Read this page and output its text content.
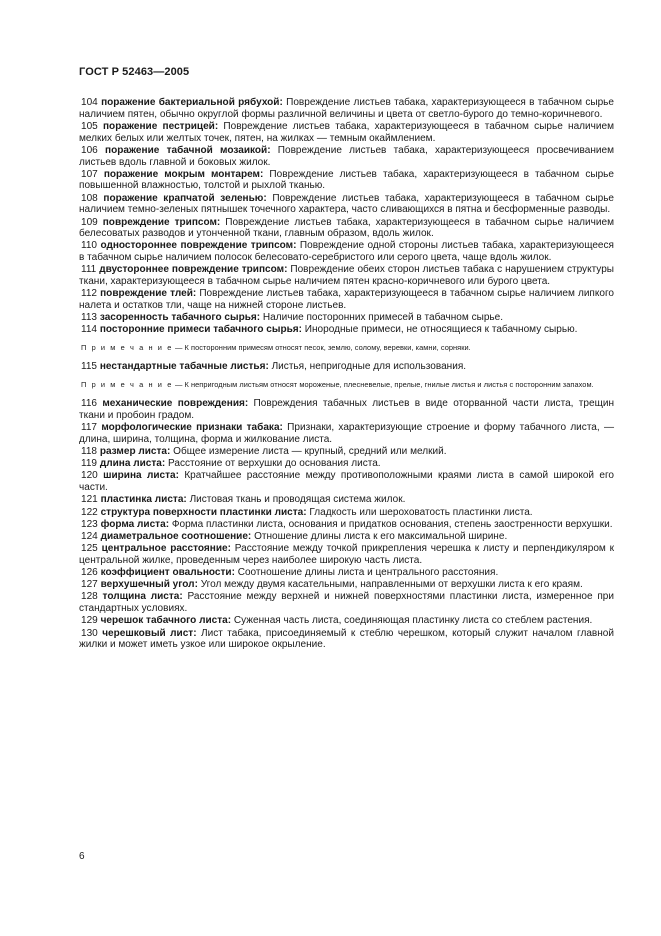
ГОСТ Р 52463—2005
104 поражение бактериальной рябухой: Повреждение листьев табака, характеризующееся в табачном сырье наличием пятен, обычно округлой формы различной величины и цвета от светло-бурого до темно-коричневого.
105 поражение пестрицей: Повреждение листьев табака, характеризующееся в табачном сырье наличием мелких белых или желтых точек, пятен, на жилках — темным окаймлением.
106 поражение табачной мозаикой: Повреждение листьев табака, характеризующееся просвечиванием листьев вдоль главной и боковых жилок.
107 поражение мокрым монтарем: Повреждение листьев табака, характеризующееся в табачном сырье повышенной влажностью, толстой и рыхлой тканью.
108 поражение крапчатой зеленью: Повреждение листьев табака, характеризующееся в табачном сырье наличием темно-зеленых пятнышек точечного характера, часто сливающихся в пятна и бесформенные разводы.
109 повреждение трипсом: Повреждение листьев табака, характеризующееся в табачном сырье наличием белесоватых разводов и утонченной ткани, главным образом, вдоль жилок.
110 одностороннее повреждение трипсом: Повреждение одной стороны листьев табака, характеризующееся в табачном сырье наличием полосок белесовато-серебристого или серого цвета, чаще вдоль жилок.
111 двустороннее повреждение трипсом: Повреждение обеих сторон листьев табака с нарушением структуры ткани, характеризующееся в табачном сырье наличием пятен красно-коричневого или бурого цвета.
112 повреждение тлей: Повреждение листьев табака, характеризующееся в табачном сырье наличием липкого налета и остатков тли, чаще на нижней стороне листьев.
113 засоренность табачного сырья: Наличие посторонних примесей в табачном сырье.
114 посторонние примеси табачного сырья: Инородные примеси, не относящиеся к табачному сырью.
П р и м е ч а н и е — К посторонним примесям относят песок, землю, солому, веревки, камни, сорняки.
115 нестандартные табачные листья: Листья, непригодные для использования.
П р и м е ч а н и е — К непригодным листьям относят мороженые, плесневелые, прелые, гнилые листья и листья с посторонним запахом.
116 механические повреждения: Повреждения табачных листьев в виде оторванной части листа, трещин ткани и пробоин градом.
117 морфологические признаки табака: Признаки, характеризующие строение и форму табачного листа, — длина, ширина, толщина, форма и жилкование листа.
118 размер листа: Общее измерение листа — крупный, средний или мелкий.
119 длина листа: Расстояние от верхушки до основания листа.
120 ширина листа: Кратчайшее расстояние между противоположными краями листа в самой широкой его части.
121 пластинка листа: Листовая ткань и проводящая система жилок.
122 структура поверхности пластинки листа: Гладкость или шероховатость пластинки листа.
123 форма листа: Форма пластинки листа, основания и придатков основания, степень заостренности верхушки.
124 диаметральное соотношение: Отношение длины листа к его максимальной ширине.
125 центральное расстояние: Расстояние между точкой прикрепления черешка к листу и перпендикуляром к центральной жилке, проведенным через наиболее широкую часть листа.
126 коэффициент овальности: Соотношение длины листа и центрального расстояния.
127 верхушечный угол: Угол между двумя касательными, направленными от верхушки листа к его краям.
128 толщина листа: Расстояние между верхней и нижней поверхностями пластинки листа, измеренное при стандартных условиях.
129 черешок табачного листа: Суженная часть листа, соединяющая пластинку листа со стеблем растения.
130 черешковый лист: Лист табака, присоединяемый к стеблю черешком, который служит началом главной жилки и может иметь узкое или широкое окрыление.
6
